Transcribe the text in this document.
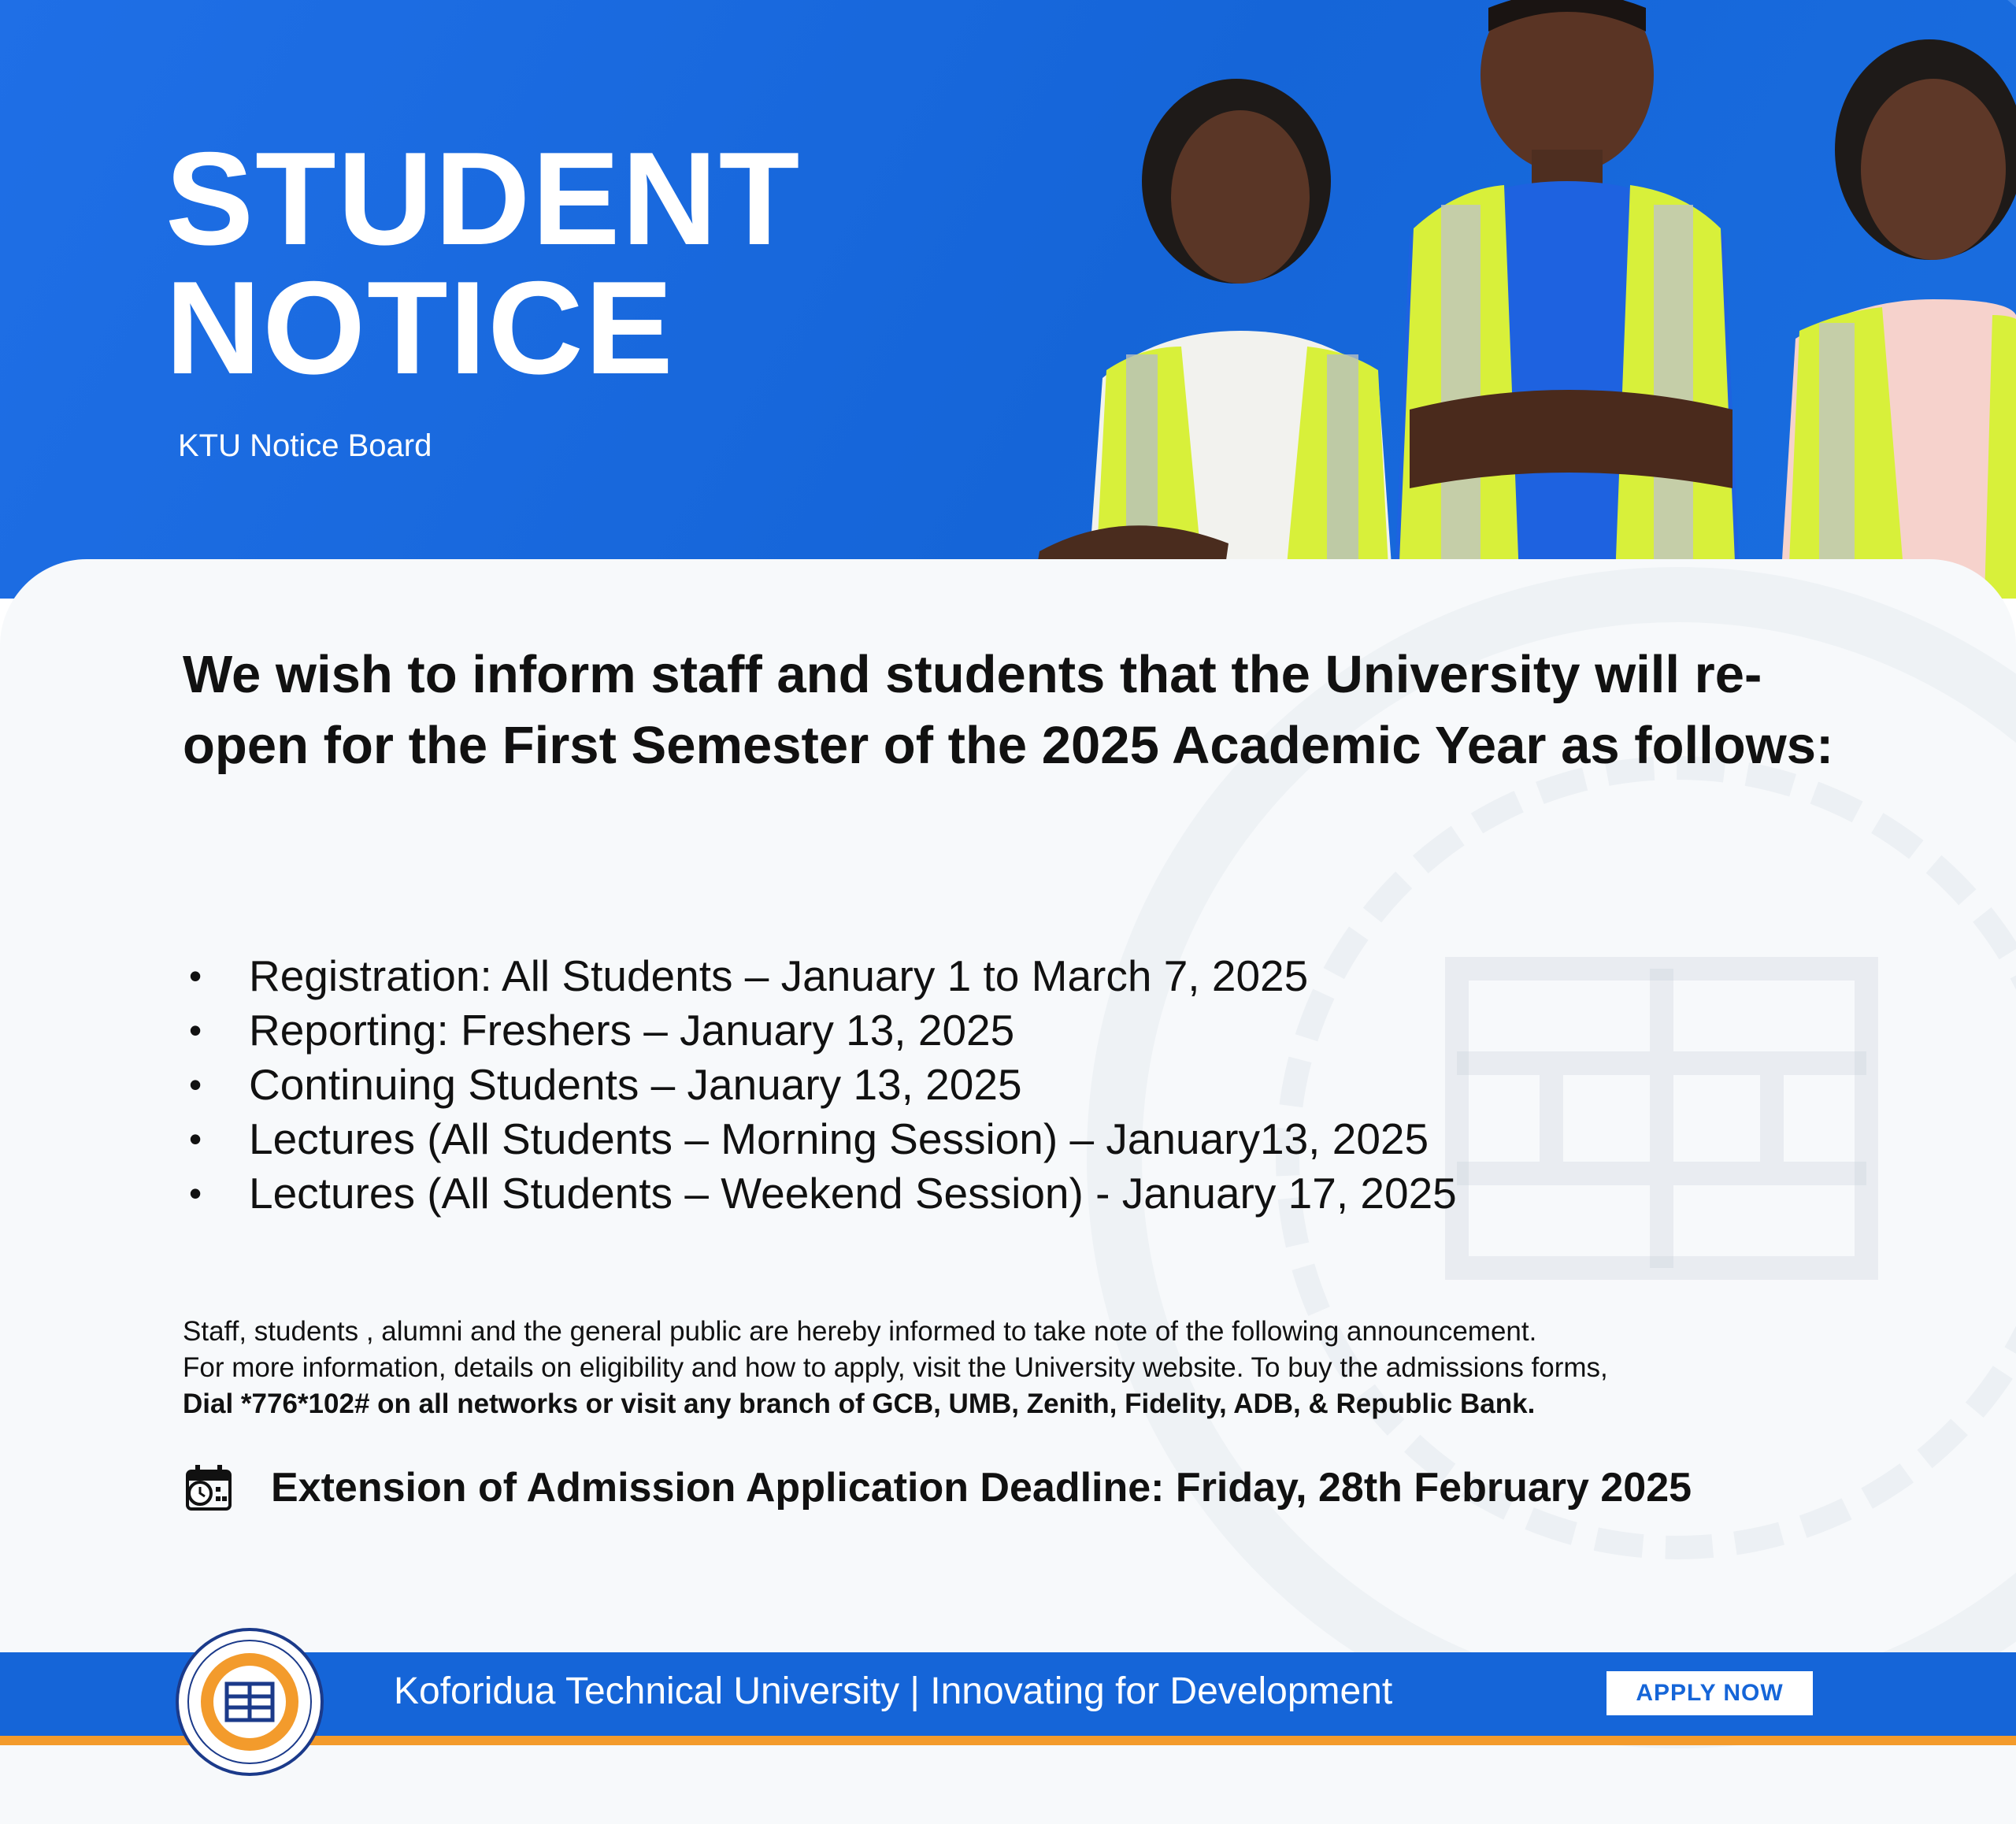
STUDENT
NOTICE
KTU Notice Board
We wish to inform staff and students that the University will re-open for the First Semester of the 2025 Academic Year as follows:
• Registration: All Students – January 1 to March 7, 2025
• Reporting: Freshers – January 13, 2025
• Continuing Students – January 13, 2025
• Lectures (All Students – Morning Session) – January13, 2025
• Lectures (All Students – Weekend Session) - January 17, 2025
Staff, students , alumni and the general public are hereby informed to take note of the following announcement.
For more information, details on eligibility and how to apply, visit the University website. To buy the admissions forms,
Dial *776*102# on all networks or visit any branch of GCB, UMB, Zenith, Fidelity, ADB, & Republic Bank.
Extension of Admission Application Deadline: Friday, 28th February 2025
Koforidua Technical University | Innovating for Development	APPLY NOW
